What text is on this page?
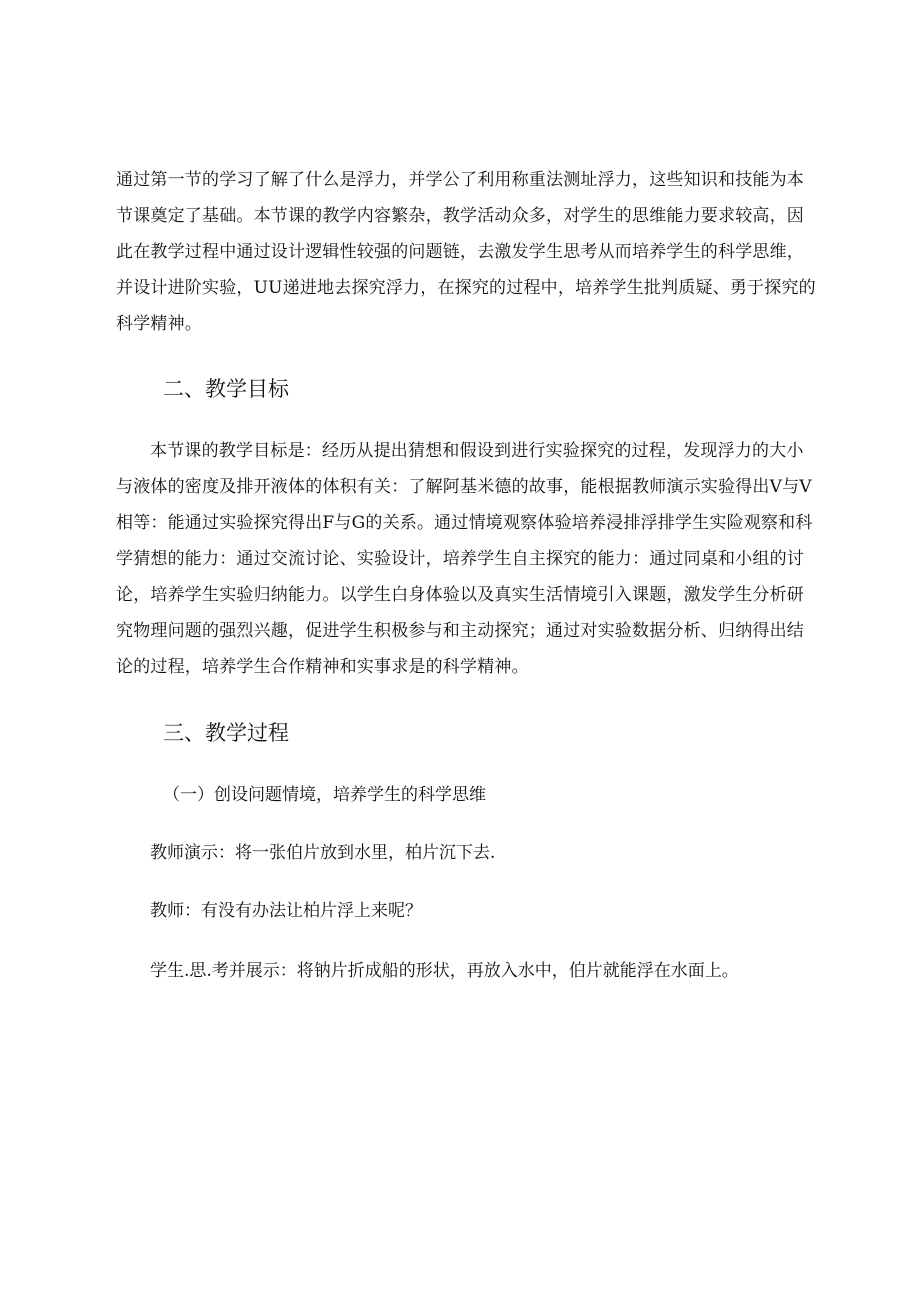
通过第一节的学习了解了什么是浮力，并学公了利用称重法测址浮力，这些知识和技能为本
节课奠定了基础。本节课的教学内容繁杂，教学活动众多，对学生的思维能力要求较高，因
此在教学过程中通过设计逻辑性较强的问题链，去激发学生思考从而培养学生的科学思维，
并设计进阶实验，UU递进地去探究浮力，在探究的过程中，培养学生批判质疑、勇于探究的
科学精神。
二、教学目标
本节课的教学目标是：经历从提出猜想和假设到进行实验探究的过程，发现浮力的大小
与液体的密度及排开液体的体积有关：了解阿基米德的故事，能根据教师演示实验得出V与V
相等：能通过实验探究得出F与G的关系。通过情境观察体验培养浸排浮排学生实险观察和科
学猜想的能力：通过交流讨论、实验设计，培养学生自主探究的能力：通过同桌和小组的讨
论，培养学生实验归纳能力。以学生白身体验以及真实生活情境引入课题，激发学生分析研
究物理问题的强烈兴趣，促进学生积极参与和主动探究；通过对实验数据分析、归纳得出结
论的过程，培养学生合作精神和实事求是的科学精神。
三、教学过程
（一）创设问题情境，培养学生的科学思维
教师演示：将一张伯片放到水里，柏片沉下去.
教师：有没有办法让柏片浮上来呢？
学生.思.考并展示：将钠片折成船的形状，再放入水中，伯片就能浮在水面上。
